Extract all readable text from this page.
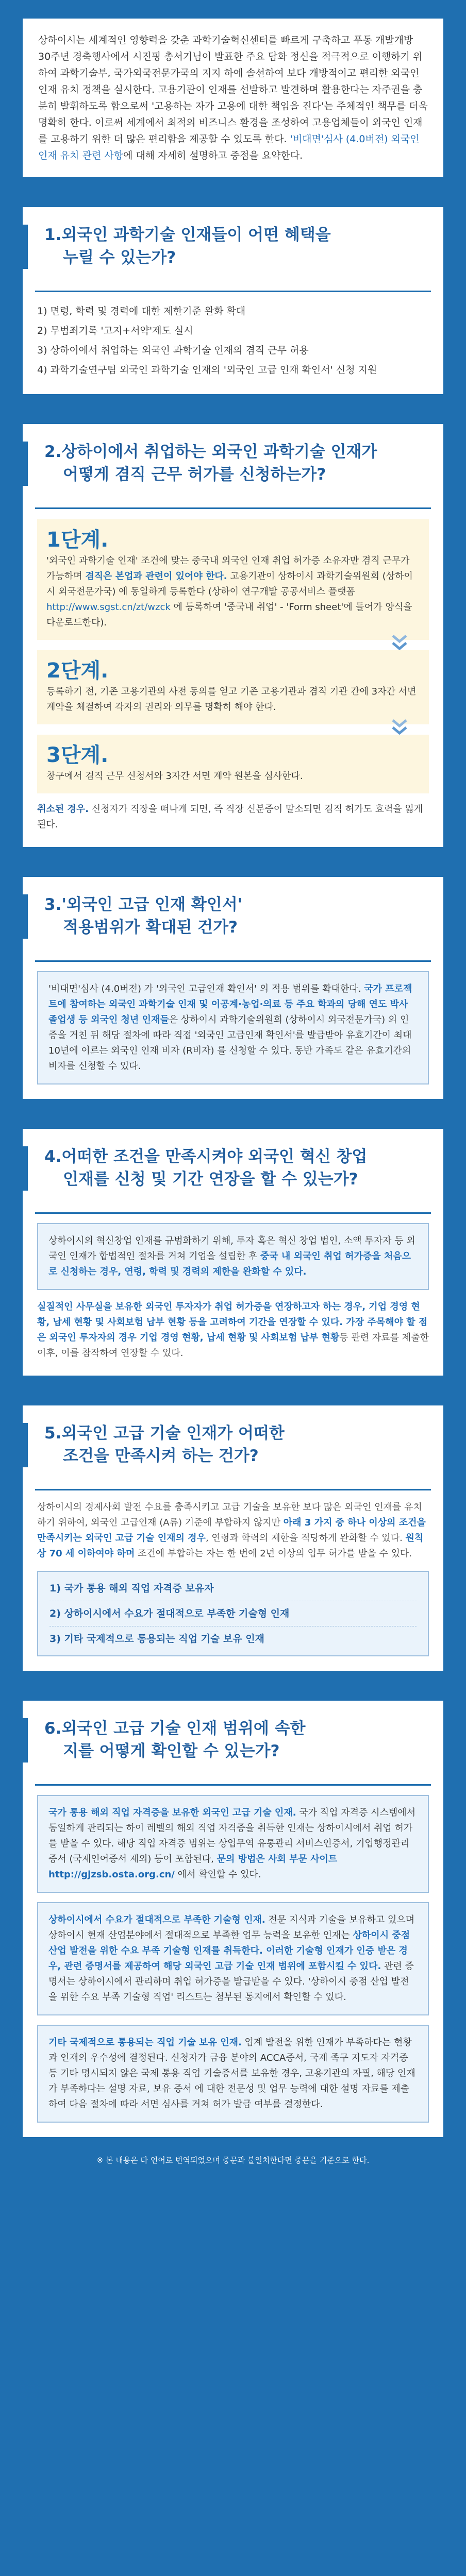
상하이시는 세계적인 영향력을 갖춘 과학기술혁신센터를 빠르게 구축하고 푸동 개발개방 30주년 경축행사에서 시진핑 총서기님이 발표한 주요 담화 정신을 적극적으로 이행하기 위하여 과학기술부, 국가외국전문가국의 지지 하에 솔선하여 보다 개방적이고 편리한 외국인 인재 유치 정책을 실시한다. 고용기관이 인재를 선발하고 발견하며 활용한다는 자주권을 충분히 발휘하도록 함으로써 '고용하는 자가 고용에 대한 책임을 진다'는 주체적인 책무를 더욱 명확히 한다. 이로써 세계에서 최적의 비즈니스 환경을 조성하여 고용업체들이 외국인 인재를 고용하기 위한 더 많은 편리함을 제공할 수 있도록 한다. '비대면'심사 (4.0버전) 외국인 인재 유치 관련 사항에 대해 자세히 설명하고 중점을 요약한다.
1.외국인 과학기술 인재들이 어떤 혜택을
누릴 수 있는가?
1) 면령, 학력 및 경력에 대한 제한기준 완화 확대
2) 무범죄기록 '고지+서약'제도 실시
3) 상하이에서 취업하는 외국인 과학기술 인재의 겸직 근무 허용
4) 과학기술연구팀 외국인 과학기술 인재의 '외국인 고급 인재 확인서' 신청 지원
2.상하이에서 취업하는 외국인 과학기술 인재가
어떻게 겸직 근무 허가를 신청하는가?
1단계.
'외국인 과학기술 인재' 조건에 맞는 중국내 외국인 인재 취업 허가증 소유자만 겸직 근무가 가능하며 겸직은 본업과 관련이 있어야 한다. 고용기관이 상하이시 과학기술위원회 (상하이시 외국전문가국) 에 동일하게 등록한다 (상하이 연구개발 공공서비스 플랫폼 http://www.sgst.cn/zt/wzck 에 등록하여 '중국내 취업' - 'Form sheet'에 들어가 양식을 다운로드한다).
2단계.
등록하기 전, 기존 고용기관의 사전 동의를 얻고 기존 고용기관과 겸직 기관 간에 3자간 서면 계약을 체결하여 각자의 권리와 의무를 명확히 해야 한다.
3단계.
창구에서 겸직 근무 신청서와 3자간 서면 계약 원본을 심사한다.
취소된 경우. 신청자가 직장을 떠나게 되면, 즉 직장 신분증이 말소되면 겸직 허가도 효력을 잃게 된다.
3.'외국인 고급 인재 확인서'
적용범위가 확대된 건가?
'비대면'심사 (4.0버전) 가 '외국인 고급인재 확인서' 의 적용 범위를 확대한다. 국가 프로젝트에 참여하는 외국인 과학기술 인재 및 이공계·농업·의료 등 주요 학과의 당해 연도 박사 졸업생 등 외국인 청년 인재들은 상하이시 과학기술위원회 (상하이시 외국전문가국) 의 인증을 거친 뒤 해당 절차에 따라 직접 '외국인 고급인재 확인서'를 발급받아 유효기간이 최대 10년에 이르는 외국인 인재 비자 (R비자) 를 신청할 수 있다. 동반 가족도 같은 유효기간의 비자를 신청할 수 있다.
4.어떠한 조건을 만족시켜야 외국인 혁신 창업
인재를 신청 및 기간 연장을 할 수 있는가?
상하이시의 혁신창업 인재를 규범화하기 위해, 투자 혹은 혁신 창업 법인, 소액 투자자 등 외국인 인재가 합법적인 절차를 거쳐 기업을 설립한 후 중국 내 외국인 취업 허가증을 처음으로 신청하는 경우, 연령, 학력 및 경력의 제한을 완화할 수 있다.
실질적인 사무실을 보유한 외국인 투자자가 취업 허가증을 연장하고자 하는 경우, 기업 경영 현황, 납세 현황 및 사회보험 납부 현황 등을 고려하여 기간을 연장할 수 있다. 가장 주목해야 할 점은 외국인 투자자의 경우 기업 경영 현황, 납세 현황 및 사회보험 납부 현황등 관련 자료를 제출한 이후, 이를 참작하여 연장할 수 있다.
5.외국인 고급 기술 인재가 어떠한
조건을 만족시켜 하는 건가?
상하이시의 경제사회 발전 수요를 충족시키고 고급 기술을 보유한 보다 많은 외국인 인재를 유치하기 위하여, 외국인 고급인재 (A류) 기준에 부합하지 않지만 아래 3 가지 중 하나 이상의 조건을 만족시키는 외국인 고급 기술 인재의 경우, 연령과 학력의 제한을 적당하게 완화할 수 있다. 원칙상 70 세 이하여야 하며 조건에 부합하는 자는 한 번에 2년 이상의 업무 허가를 받을 수 있다.
1) 국가 통용 해외 직업 자격증 보유자
2) 상하이시에서 수요가 절대적으로 부족한 기술형 인재
3) 기타 국제적으로 통용되는 직업 기술 보유 인재
6.외국인 고급 기술 인재 범위에 속한
지를 어떻게 확인할 수 있는가?
국가 통용 해외 직업 자격증을 보유한 외국인 고급 기술 인재. 국가 직업 자격증 시스템에서 동일하게 관리되는 하이 레벨의 해외 직업 자격증을 취득한 인재는 상하이시에서 취업 허가를 받을 수 있다. 해당 직업 자격증 범위는 상업무역 유통관리 서비스인증서, 기업행정관리증서 (국제인어증서 제외) 등이 포함된다, 문의 방법은 사회 부문 사이트 http://gjzsb.osta.org.cn/ 에서 확인할 수 있다.
상하이시에서 수요가 절대적으로 부족한 기술형 인재. 전문 지식과 기술을 보유하고 있으며 상하이시 현재 산업분야에서 절대적으로 부족한 업무 능력을 보유한 인재는 상하이시 중점 산업 발전을 위한 수요 부족 기술형 인재를 취득한다. 이러한 기술형 인재가 인증 받은 경우, 관련 증명서를 제공하여 해당 외국인 고급 기술 인재 범위에 포함시킬 수 있다. 관련 증명서는 상하이시에서 관리하며 취업 허가증을 발급받을 수 있다. '상하이시 중점 산업 발전을 위한 수요 부족 기술형 직업' 리스트는 첨부된 통지에서 확인할 수 있다.
기타 국제적으로 통용되는 직업 기술 보유 인재. 업계 발전을 위한 인재가 부족하다는 현황과 인재의 우수성에 결정된다. 신청자가 금융 분야의 ACCA증서, 국제 족구 지도자 자격증 등 기타 명시되지 않은 국제 통용 직업 기술증서를 보유한 경우, 고용기관의 자필, 해당 인재가 부족하다는 설명 자료, 보유 증서 에 대한 전문성 및 업무 능력에 대한 설명 자료를 제출하여 다음 절차에 따라 서면 심사를 거쳐 허가 발급 여부를 결정한다.
※ 본 내용은 다 언어로 번역되었으며 중문과 불일치한다면 중문을 기준으로 한다.
